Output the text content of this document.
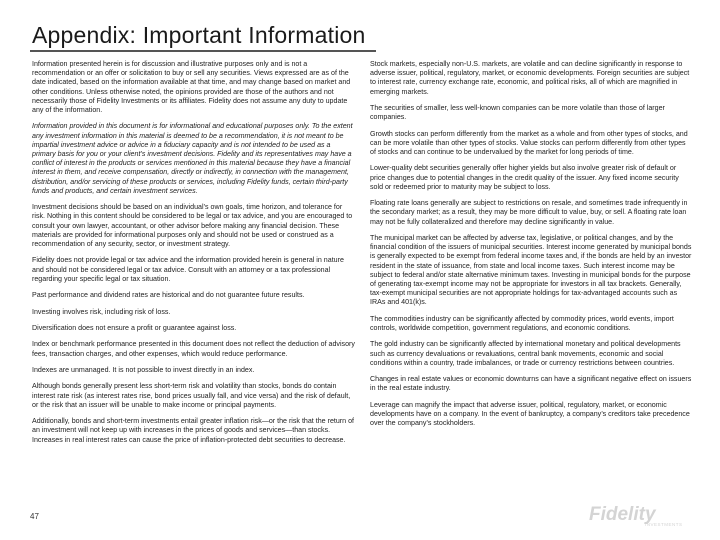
Appendix: Important Information

Information presented herein is for discussion and illustrative purposes only and is not a recommendation or an offer or solicitation to buy or sell any securities. Views expressed are as of the date indicated, based on the information available at that time, and may change based on market and other conditions. Unless otherwise noted, the opinions provided are those of the authors and not necessarily those of Fidelity Investments or its affiliates. Fidelity does not assume any duty to update any of the information.

Information provided in this document is for informational and educational purposes only. To the extent any investment information in this material is deemed to be a recommendation, it is not meant to be impartial investment advice or advice in a fiduciary capacity and is not intended to be used as a primary basis for you or your client’s investment decisions. Fidelity and its representatives may have a conflict of interest in the products or services mentioned in this material because they have a financial interest in them, and receive compensation, directly or indirectly, in connection with the management, distribution, and/or servicing of these products or services, including Fidelity funds, certain third-party funds and products, and certain investment services.

Investment decisions should be based on an individual’s own goals, time horizon, and tolerance for risk. Nothing in this content should be considered to be legal or tax advice, and you are encouraged to consult your own lawyer, accountant, or other advisor before making any financial decision. These materials are provided for informational purposes only and should not be used or construed as a recommendation of any security, sector, or investment strategy.

Fidelity does not provide legal or tax advice and the information provided herein is general in nature and should not be considered legal or tax advice. Consult with an attorney or a tax professional regarding your specific legal or tax situation.

Past performance and dividend rates are historical and do not guarantee future results.

Investing involves risk, including risk of loss.

Diversification does not ensure a profit or guarantee against loss.

Index or benchmark performance presented in this document does not reflect the deduction of advisory fees, transaction charges, and other expenses, which would reduce performance.

Indexes are unmanaged. It is not possible to invest directly in an index.

Although bonds generally present less short-term risk and volatility than stocks, bonds do contain interest rate risk (as interest rates rise, bond prices usually fall, and vice versa) and the risk of default, or the risk that an issuer will be unable to make income or principal payments.

Additionally, bonds and short-term investments entail greater inflation risk—or the risk that the return of an investment will not keep up with increases in the prices of goods and services—than stocks. Increases in real interest rates can cause the price of inflation-protected debt securities to decrease.

Stock markets, especially non-U.S. markets, are volatile and can decline significantly in response to adverse issuer, political, regulatory, market, or economic developments. Foreign securities are subject to interest rate, currency exchange rate, economic, and political risks, all of which are magnified in emerging markets.

The securities of smaller, less well-known companies can be more volatile than those of larger companies.

Growth stocks can perform differently from the market as a whole and from other types of stocks, and can be more volatile than other types of stocks. Value stocks can perform differently from other types of stocks and can continue to be undervalued by the market for long periods of time.

Lower-quality debt securities generally offer higher yields but also involve greater risk of default or price changes due to potential changes in the credit quality of the issuer. Any fixed income security sold or redeemed prior to maturity may be subject to loss.

Floating rate loans generally are subject to restrictions on resale, and sometimes trade infrequently in the secondary market; as a result, they may be more difficult to value, buy, or sell. A floating rate loan may not be fully collateralized and therefore may decline significantly in value.

The municipal market can be affected by adverse tax, legislative, or political changes, and by the financial condition of the issuers of municipal securities. Interest income generated by municipal bonds is generally expected to be exempt from federal income taxes and, if the bonds are held by an investor resident in the state of issuance, from state and local income taxes. Such interest income may be subject to federal and/or state alternative minimum taxes. Investing in municipal bonds for the purpose of generating tax-exempt income may not be appropriate for investors in all tax brackets. Generally, tax-exempt municipal securities are not appropriate holdings for tax-advantaged accounts such as IRAs and 401(k)s.

The commodities industry can be significantly affected by commodity prices, world events, import controls, worldwide competition, government regulations, and economic conditions.

The gold industry can be significantly affected by international monetary and political developments such as currency devaluations or revaluations, central bank movements, economic and social conditions within a country, trade imbalances, or trade or currency restrictions between countries.

Changes in real estate values or economic downturns can have a significant negative effect on issuers in the real estate industry.

Leverage can magnify the impact that adverse issuer, political, regulatory, market, or economic developments have on a company. In the event of bankruptcy, a company’s creditors take precedence over the company’s stockholders.

47	Fidelity
INVESTMENTS
